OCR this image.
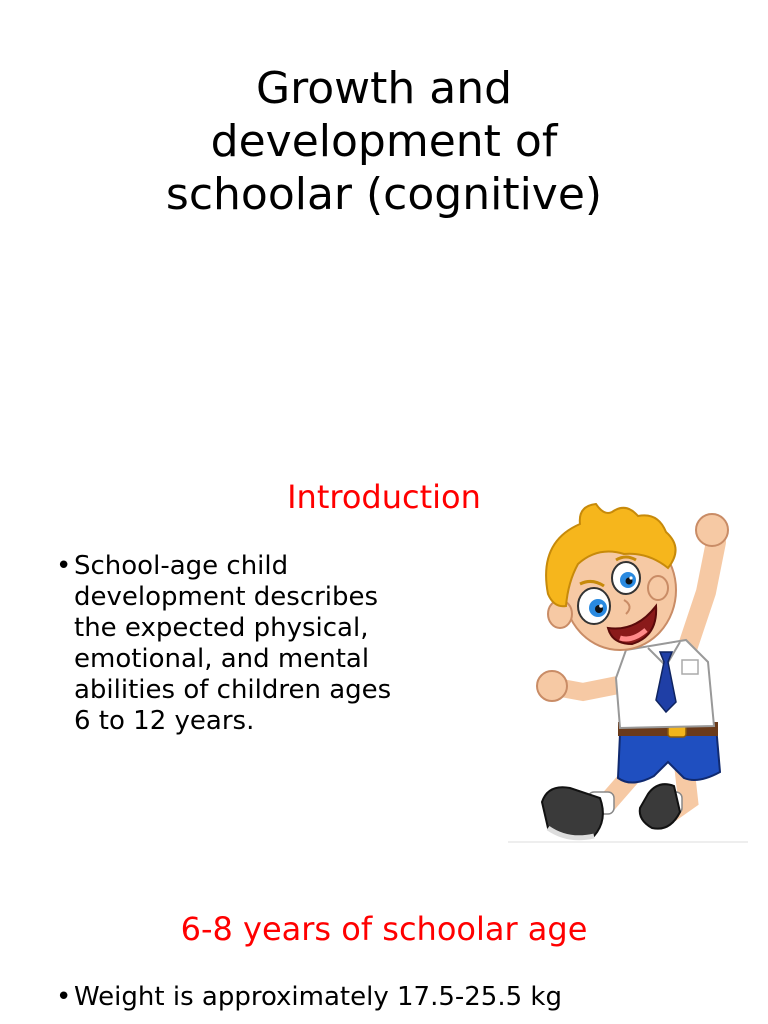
Growth and
development of
schoolar (cognitive)
Introduction
• School-age child development describes the expected physical, emotional, and mental abilities of children ages 6 to 12 years.
6-8 years of schoolar age
• Weight is approximately 17.5-25.5 kg
